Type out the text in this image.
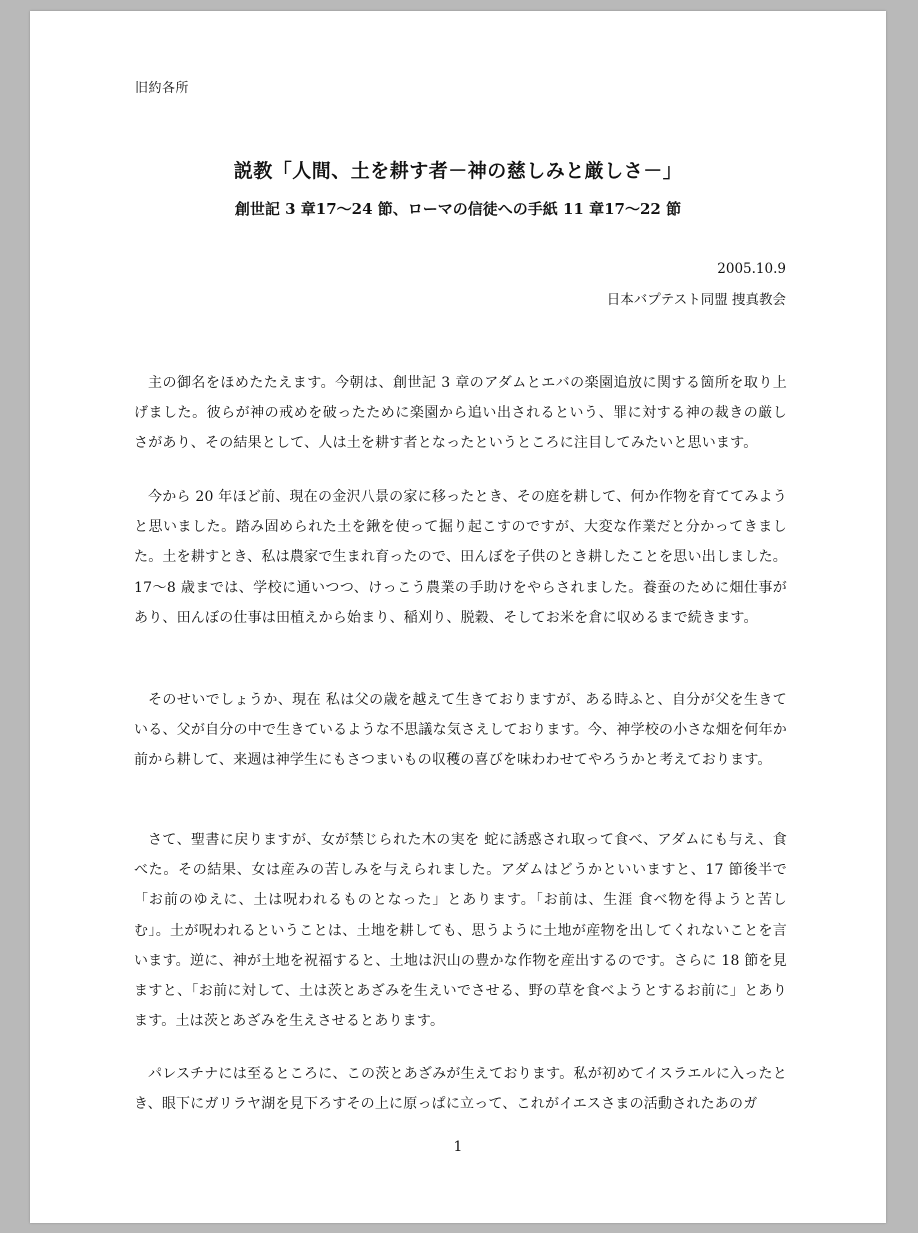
旧約各所
説教「人間、土を耕す者－神の慈しみと厳しさ－」
創世記 3 章17～24 節、ローマの信徒への手紙 11 章17～22 節
2005.10.9
日本バプテスト同盟 捜真教会

主の御名をほめたたえます。今朝は、創世記 3 章のアダムとエバの楽園追放に関する箇所を取り上げました。彼らが神の戒めを破ったために楽園から追い出されるという、罪に対する神の裁きの厳しさがあり、その結果として、人は土を耕す者となったというところに注目してみたいと思います。

今から 20 年ほど前、現在の金沢八景の家に移ったとき、その庭を耕して、何か作物を育ててみようと思いました。踏み固められた土を鍬を使って掘り起こすのですが、大変な作業だと分かってきました。土を耕すとき、私は農家で生まれ育ったので、田んぼを子供のとき耕したことを思い出しました。17～8 歳までは、学校に通いつつ、けっこう農業の手助けをやらされました。養蚕のために畑仕事があり、田んぼの仕事は田植えから始まり、稲刈り、脱穀、そしてお米を倉に収めるまで続きます。

そのせいでしょうか、現在 私は父の歳を越えて生きておりますが、ある時ふと、自分が父を生きている、父が自分の中で生きているような不思議な気さえしております。今、神学校の小さな畑を何年か前から耕して、来週は神学生にもさつまいもの収穫の喜びを味わわせてやろうかと考えております。

さて、聖書に戻りますが、女が禁じられた木の実を 蛇に誘惑され取って食べ、アダムにも与え、食べた。その結果、女は産みの苦しみを与えられました。アダムはどうかといいますと、17 節後半で「お前のゆえに、土は呪われるものとなった」とあります。「お前は、生涯 食べ物を得ようと苦しむ」。土が呪われるということは、土地を耕しても、思うように土地が産物を出してくれないことを言います。逆に、神が土地を祝福すると、土地は沢山の豊かな作物を産出するのです。さらに 18 節を見ますと、「お前に対して、土は茨とあざみを生えいでさせる、野の草を食べようとするお前に」とあります。土は茨とあざみを生えさせるとあります。

パレスチナには至るところに、この茨とあざみが生えております。私が初めてイスラエルに入ったとき、眼下にガリラヤ湖を見下ろすその上に原っぱに立って、これがイエスさまの活動されたあのガ

1
